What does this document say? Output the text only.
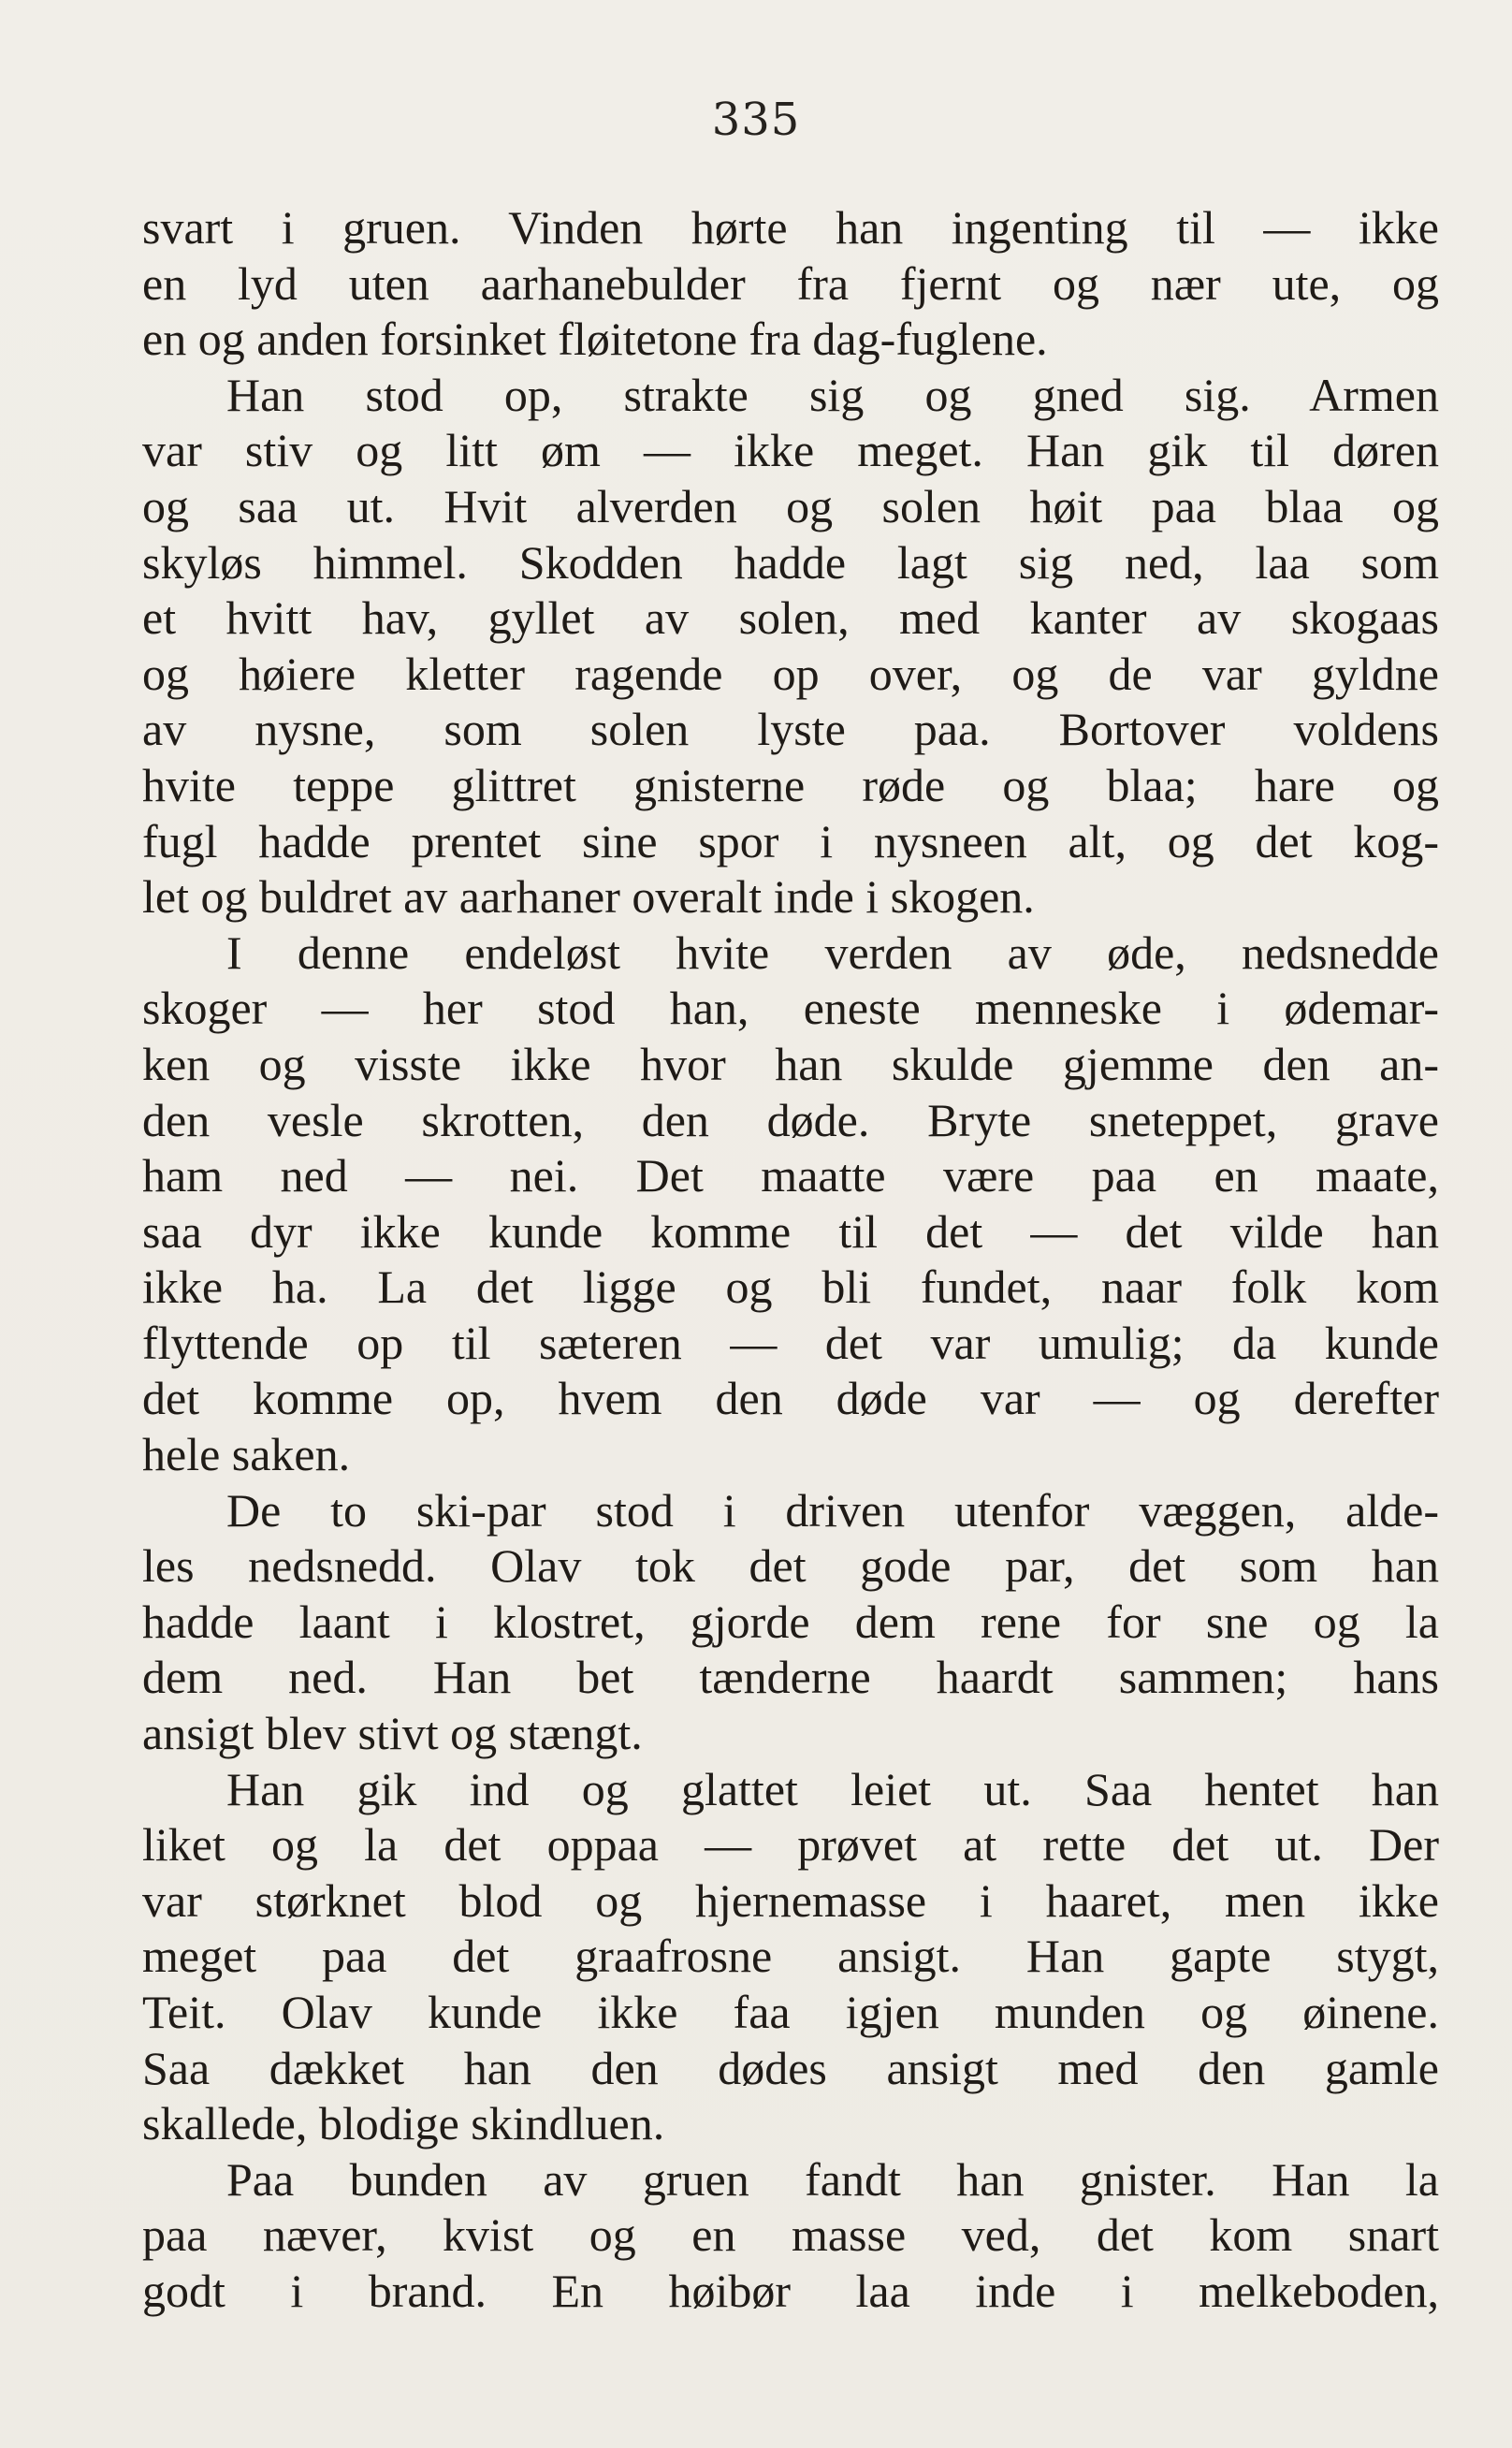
335
svart i gruen. Vinden hørte han ingenting til — ikke
en lyd uten aarhanebulder fra fjernt og nær ute, og
en og anden forsinket fløitetone fra dag-fuglene.
Han stod op, strakte sig og gned sig. Armen
var stiv og litt øm — ikke meget. Han gik til døren
og saa ut. Hvit alverden og solen høit paa blaa og
skyløs himmel. Skodden hadde lagt sig ned, laa som
et hvitt hav, gyllet av solen, med kanter av skogaas
og høiere kletter ragende op over, og de var gyldne
av nysne, som solen lyste paa. Bortover voldens
hvite teppe glittret gnisterne røde og blaa; hare og
fugl hadde prentet sine spor i nysneen alt, og det kog-
let og buldret av aarhaner overalt inde i skogen.
I denne endeløst hvite verden av øde, nedsnedde
skoger — her stod han, eneste menneske i ødemar-
ken og visste ikke hvor han skulde gjemme den an-
den vesle skrotten, den døde. Bryte sneteppet, grave
ham ned — nei. Det maatte være paa en maate,
saa dyr ikke kunde komme til det — det vilde han
ikke ha. La det ligge og bli fundet, naar folk kom
flyttende op til sæteren — det var umulig; da kunde
det komme op, hvem den døde var — og derefter
hele saken.
De to ski-par stod i driven utenfor væggen, alde-
les nedsnedd. Olav tok det gode par, det som han
hadde laant i klostret, gjorde dem rene for sne og la
dem ned. Han bet tænderne haardt sammen; hans
ansigt blev stivt og stængt.
Han gik ind og glattet leiet ut. Saa hentet han
liket og la det oppaa — prøvet at rette det ut. Der
var størknet blod og hjernemasse i haaret, men ikke
meget paa det graafrosne ansigt. Han gapte stygt,
Teit. Olav kunde ikke faa igjen munden og øinene.
Saa dækket han den dødes ansigt med den gamle
skallede, blodige skindluen.
Paa bunden av gruen fandt han gnister. Han la
paa næver, kvist og en masse ved, det kom snart
godt i brand. En høibør laa inde i melkeboden,
